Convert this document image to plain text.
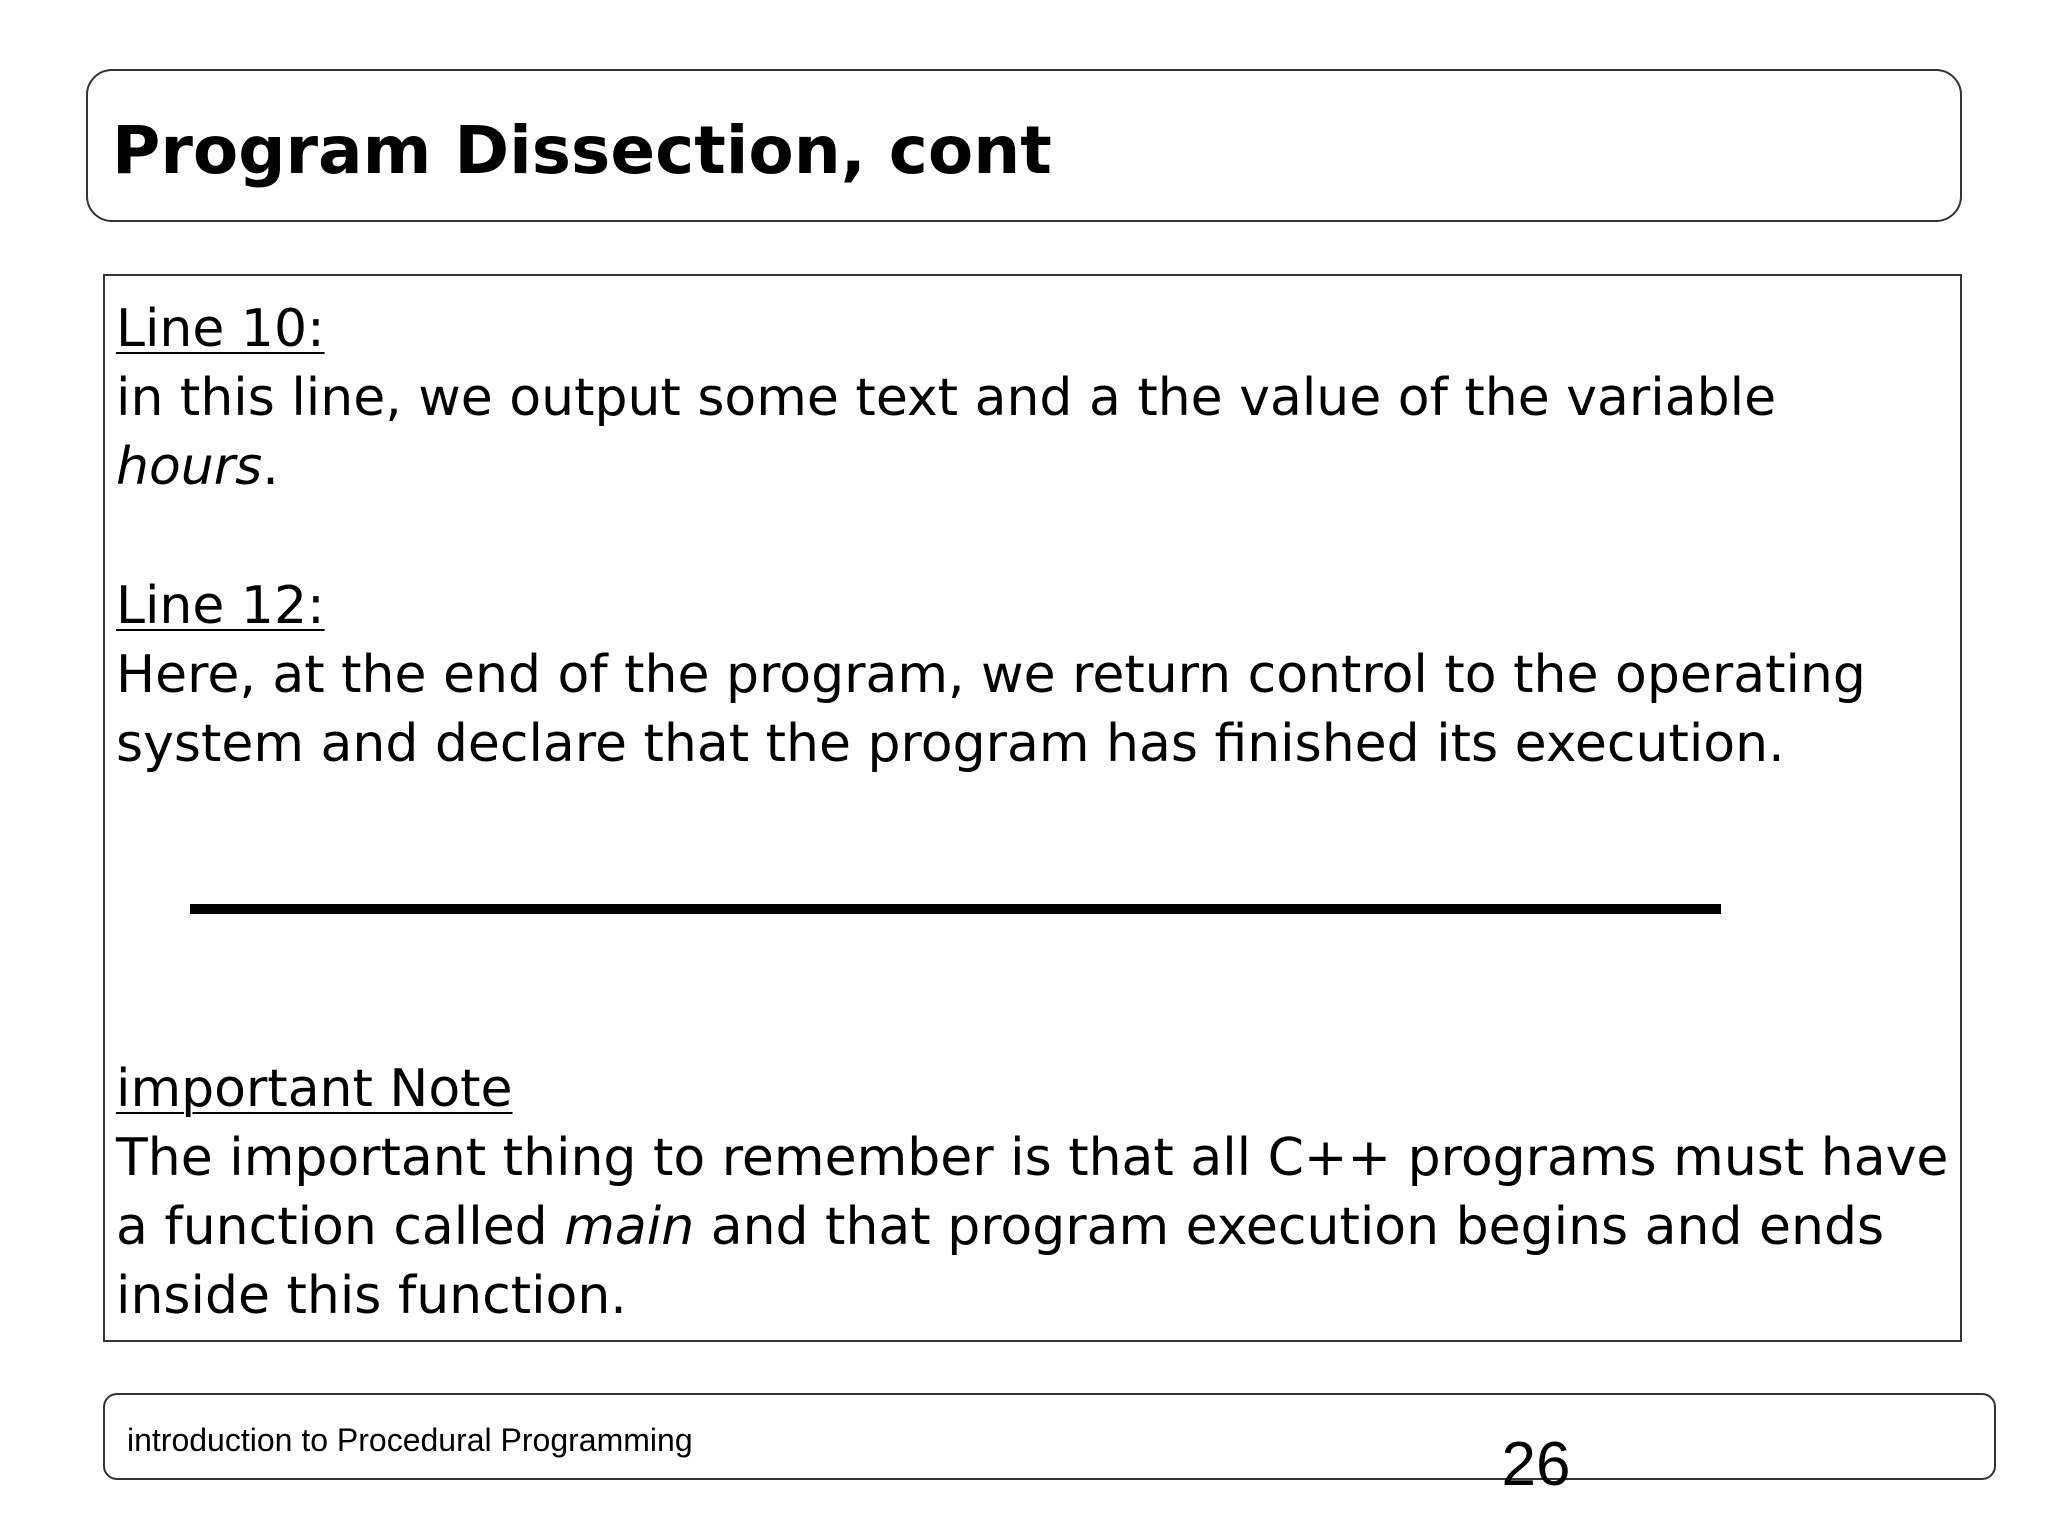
Program Dissection, cont
Line 10:
in this line, we output some text and a the value of the variable
hours.
Line 12:
Here, at the end of the program, we return control to the operating
system and declare that the program has finished its execution.
important Note
The important thing to remember is that all C++ programs must have
a function called main and that program execution begins and ends
inside this function.
introduction to Procedural Programming	26
